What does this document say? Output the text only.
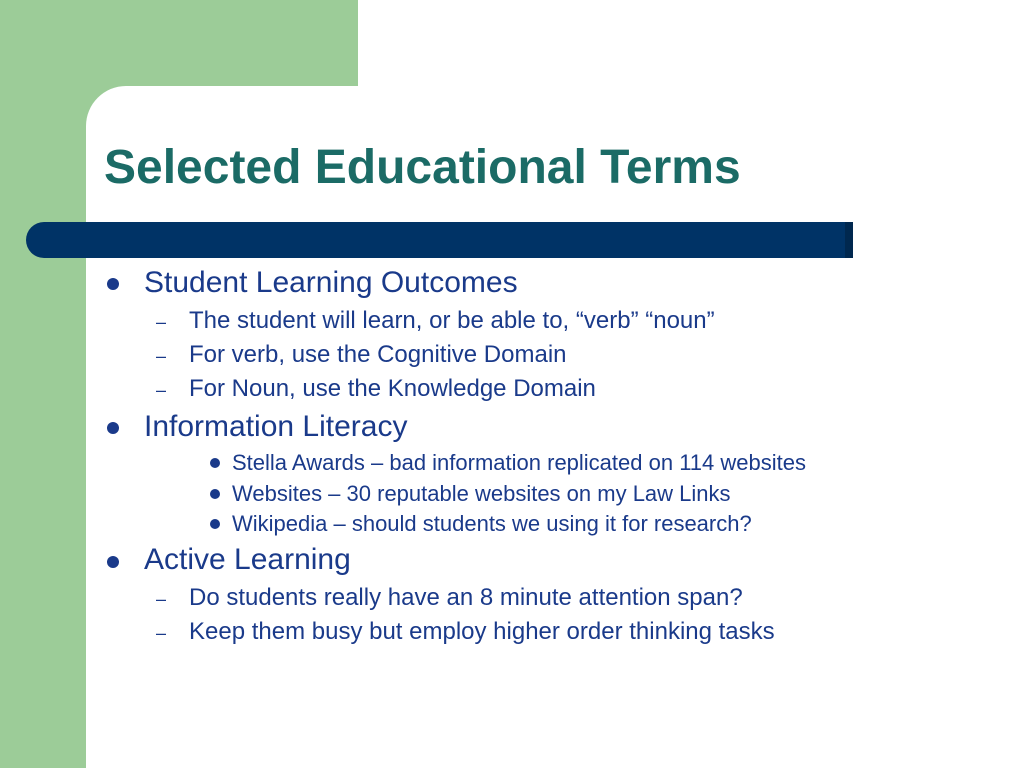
Selected Educational Terms
Student Learning Outcomes
– The student will learn, or be able to, “verb” “noun”
– For verb, use the Cognitive Domain
– For Noun, use the Knowledge Domain
Information Literacy
Stella Awards – bad information replicated on 114 websites
Websites – 30 reputable websites on my Law Links
Wikipedia – should students we using it for research?
Active Learning
– Do students really have an 8 minute attention span?
– Keep them busy but employ higher order thinking tasks
